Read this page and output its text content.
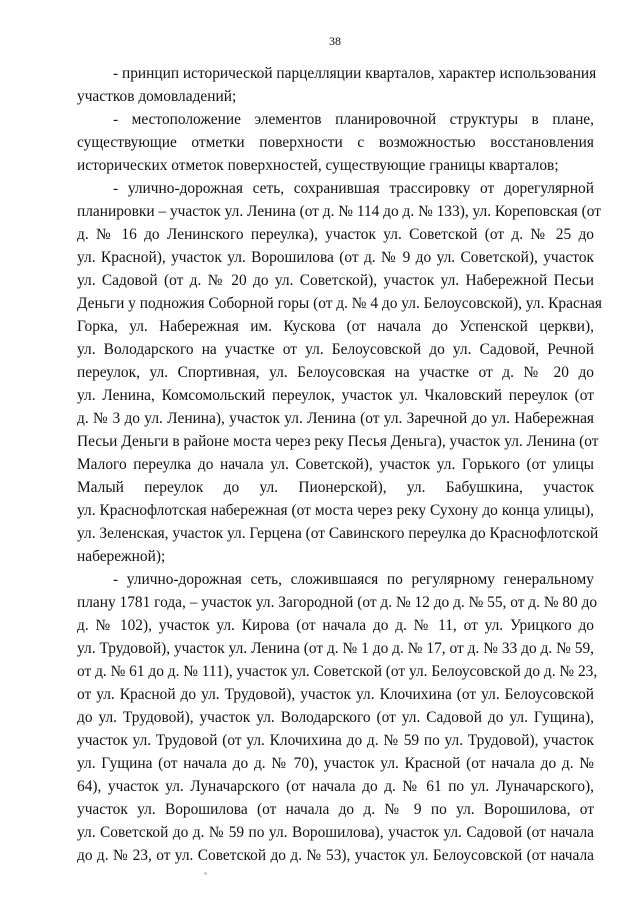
38
- принцип исторической парцелляции кварталов, характер использования
участков домовладений;
- местоположение элементов планировочной структуры в плане,
существующие отметки поверхности с возможностью восстановления
исторических отметок поверхностей, существующие границы кварталов;
- улично-дорожная сеть, сохранившая трассировку от дорегулярной
планировки – участок ул. Ленина (от д. № 114 до д. № 133), ул. Кореповская (от
д. № 16 до Ленинского переулка), участок ул. Советской (от д. № 25 до
ул. Красной), участок ул. Ворошилова (от д. № 9 до ул. Советской), участок
ул. Садовой (от д. № 20 до ул. Советской), участок ул. Набережной Песьи
Деньги у подножия Соборной горы (от д. № 4 до ул. Белоусовской), ул. Красная
Горка, ул. Набережная им. Кускова (от начала до Успенской церкви),
ул. Володарского на участке от ул. Белоусовской до ул. Садовой, Речной
переулок, ул. Спортивная, ул. Белоусовская на участке от д. № 20 до
ул. Ленина, Комсомольский переулок, участок ул. Чкаловский переулок (от
д. № 3 до ул. Ленина), участок ул. Ленина (от ул. Заречной до ул. Набережная
Песьи Деньги в районе моста через реку Песья Деньга), участок ул. Ленина (от
Малого переулка до начала ул. Советской), участок ул. Горького (от улицы
Малый переулок до ул. Пионерской), ул. Бабушкина, участок
ул. Краснофлотская набережная (от моста через реку Сухону до конца улицы),
ул. Зеленская, участок ул. Герцена (от Савинского переулка до Краснофлотской
набережной);
- улично-дорожная сеть, сложившаяся по регулярному генеральному
плану 1781 года, – участок ул. Загородной (от д. № 12 до д. № 55, от д. № 80 до
д. № 102), участок ул. Кирова (от начала до д. № 11, от ул. Урицкого до
ул. Трудовой), участок ул. Ленина (от д. № 1 до д. № 17, от д. № 33 до д. № 59,
от д. № 61 до д. № 111), участок ул. Советской (от ул. Белоусовской до д. № 23,
от ул. Красной до ул. Трудовой), участок ул. Клочихина (от ул. Белоусовской
до ул. Трудовой), участок ул. Володарского (от ул. Садовой до ул. Гущина),
участок ул. Трудовой (от ул. Клочихина до д. № 59 по ул. Трудовой), участок
ул. Гущина (от начала до д. № 70), участок ул. Красной (от начала до д. №
64), участок ул. Луначарского (от начала до д. № 61 по ул. Луначарского),
участок ул. Ворошилова (от начала до д. № 9 по ул. Ворошилова, от
ул. Советской до д. № 59 по ул. Ворошилова), участок ул. Садовой (от начала
до д. № 23, от ул. Советской до д. № 53), участок ул. Белоусовской (от начала
